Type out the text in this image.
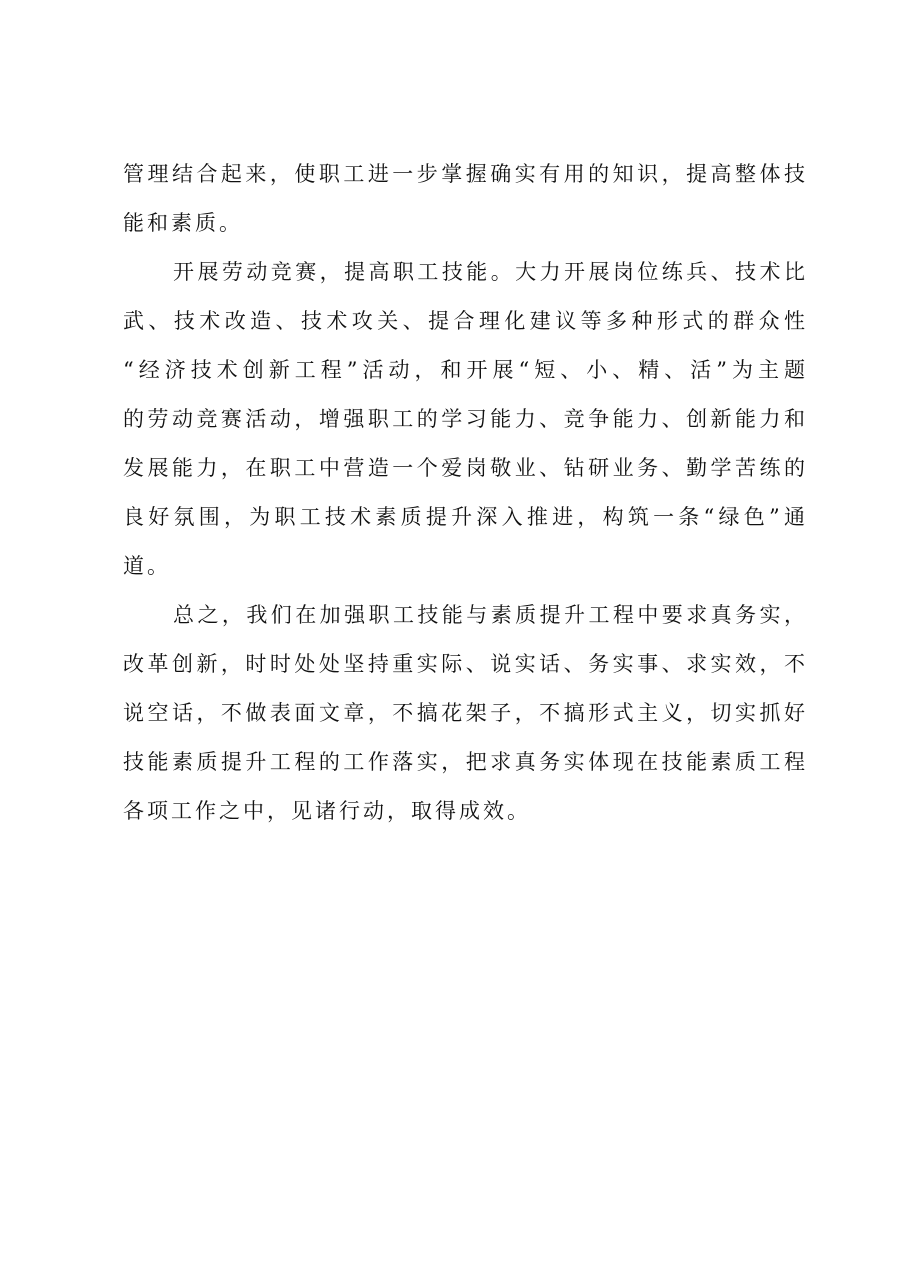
管理结合起来，使职工进一步掌握确实有用的知识，提高整体技
能和素质。
开展劳动竞赛，提高职工技能。大力开展岗位练兵、技术比
武、技术改造、技术攻关、提合理化建议等多种形式的群众性
“经济技术创新工程”活动，和开展“短、小、精、活”为主题
的劳动竞赛活动，增强职工的学习能力、竞争能力、创新能力和
发展能力，在职工中营造一个爱岗敬业、钻研业务、勤学苦练的
良好氛围，为职工技术素质提升深入推进，构筑一条“绿色”通
道。
总之，我们在加强职工技能与素质提升工程中要求真务实，
改革创新，时时处处坚持重实际、说实话、务实事、求实效，不
说空话，不做表面文章，不搞花架子，不搞形式主义，切实抓好
技能素质提升工程的工作落实，把求真务实体现在技能素质工程
各项工作之中，见诸行动，取得成效。
